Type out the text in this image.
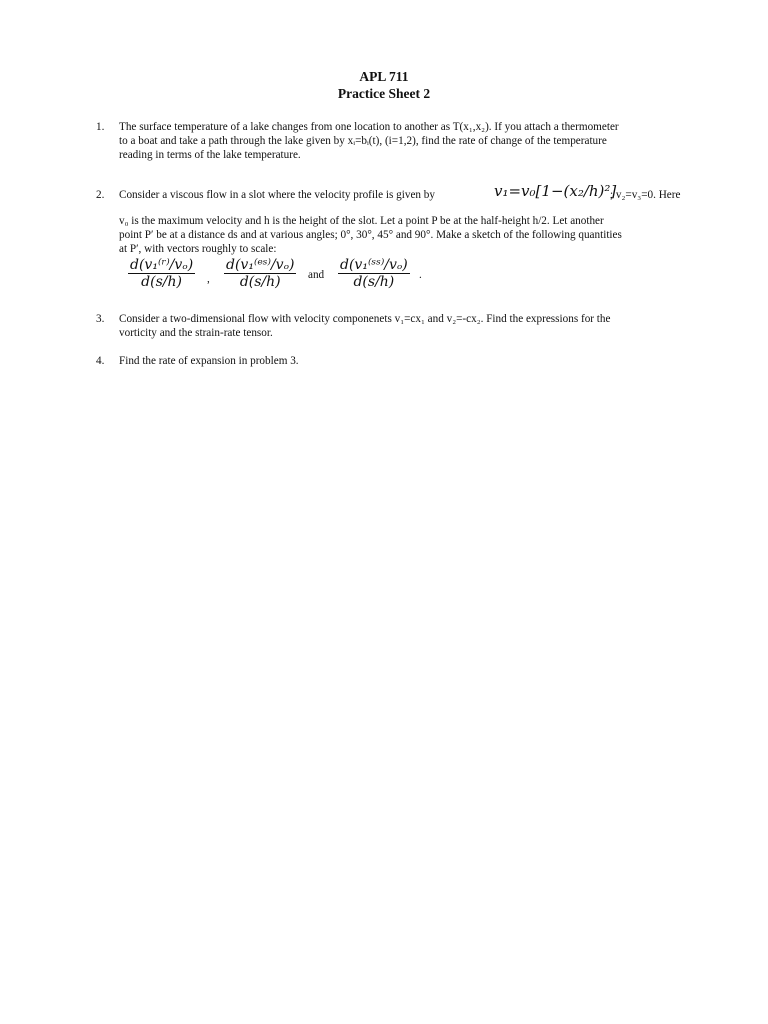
APL 711
Practice Sheet 2
1. The surface temperature of a lake changes from one location to another as T(x₁,x₂). If you attach a thermometer
to a boat and take a path through the lake given by xᵢ=bᵢ(t), (i=1,2), find the rate of change of the temperature
reading in terms of the lake temperature.
2. Consider a viscous flow in a slot where the velocity profile is given by	v₁=v₀[1−(x₂/h)²]
; v₂=v₃=0. Here
v₀ is the maximum velocity and h is the height of the slot. Let a point P be at the half-height h/2. Let another
point P′ be at a distance ds and at various angles; 0°, 30°, 45° and 90°. Make a sketch of the following quantities
at P′, with vectors roughly to scale:
$\frac{\text{d(v₁⁽ʳ⁾/vₒ)}}{d(s/h)}$ , $\frac{\text{d(v₁⁽ᵉˢ⁾/vₒ)}}{d(s/h)}$ and $\frac{\text{d(v₁⁽ˢˢ⁾/vₒ)}}{d(s/h)}$ .
3. Consider a two-dimensional flow with velocity componenets v₁=cx₁ and v₂=-cx₂. Find the expressions for the
vorticity and the strain-rate tensor.
4. Find the rate of expansion in problem 3.
